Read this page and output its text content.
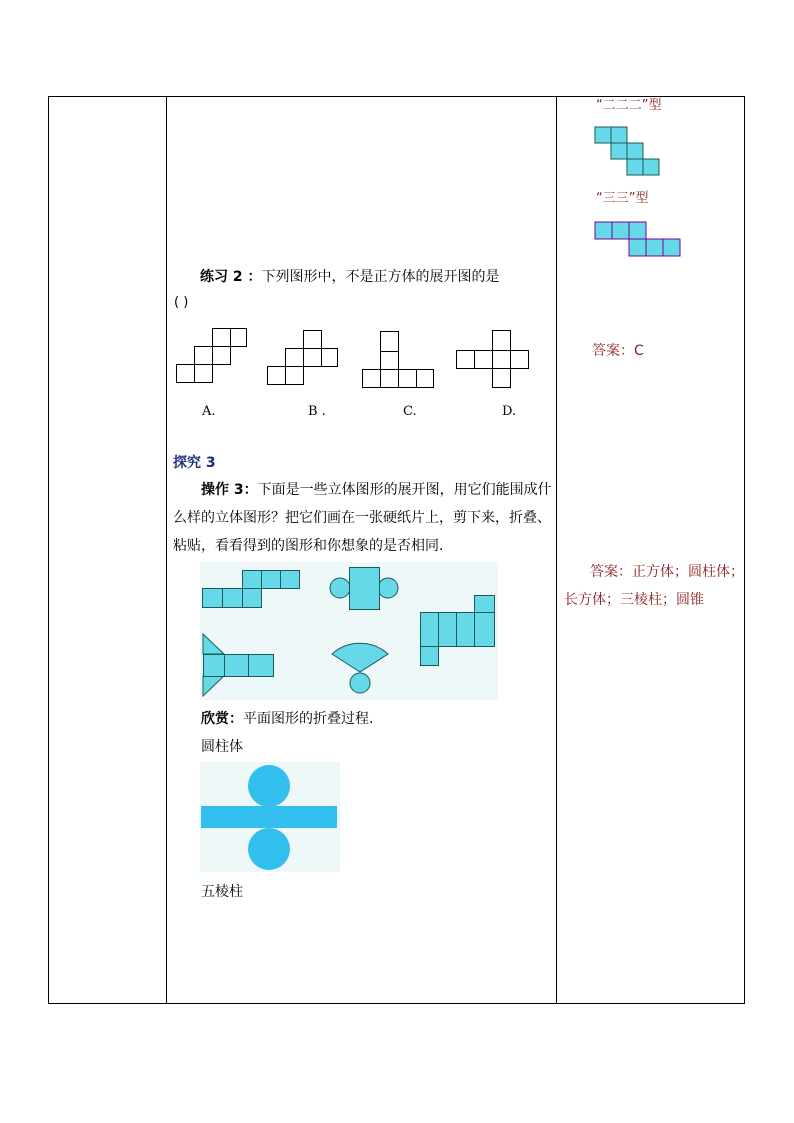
“二二二”型
“三三”型
答案：C
答案：正方体；圆柱体；
长方体；三棱柱；圆锥
练习 2 ：下列图形中，不是正方体的展开图的是
( )
A.	B .	C.	D.
探究 3
操作 3：下面是一些立体图形的展开图，用它们能围成什
么样的立体图形？把它们画在一张硬纸片上，剪下来，折叠、
粘贴，看看得到的图形和你想象的是否相同.
欣赏：平面图形的折叠过程.
圆柱体
五棱柱
